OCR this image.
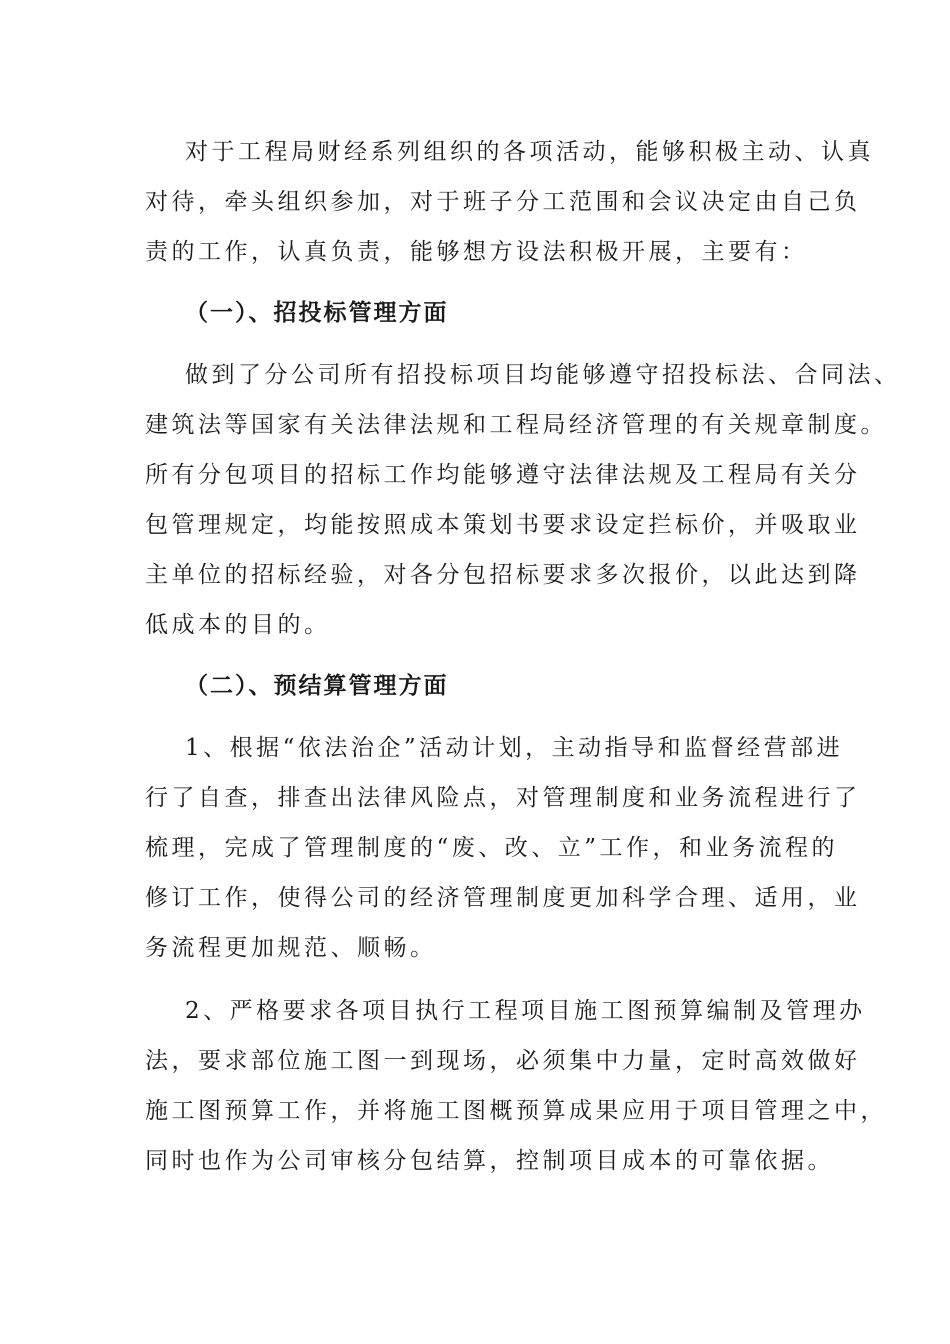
对于工程局财经系列组织的各项活动，能够积极主动、认真
对待，牵头组织参加，对于班子分工范围和会议决定由自己负
责的工作，认真负责，能够想方设法积极开展，主要有：
（一）、招投标管理方面
做到了分公司所有招投标项目均能够遵守招投标法、合同法、
建筑法等国家有关法律法规和工程局经济管理的有关规章制度。
所有分包项目的招标工作均能够遵守法律法规及工程局有关分
包管理规定，均能按照成本策划书要求设定拦标价，并吸取业
主单位的招标经验，对各分包招标要求多次报价，以此达到降
低成本的目的。
（二）、预结算管理方面
1、根据“依法治企”活动计划，主动指导和监督经营部进
行了自查，排查出法律风险点，对管理制度和业务流程进行了
梳理，完成了管理制度的“废、改、立”工作，和业务流程的
修订工作，使得公司的经济管理制度更加科学合理、适用，业
务流程更加规范、顺畅。
2、严格要求各项目执行工程项目施工图预算编制及管理办
法，要求部位施工图一到现场，必须集中力量，定时高效做好
施工图预算工作，并将施工图概预算成果应用于项目管理之中，
同时也作为公司审核分包结算，控制项目成本的可靠依据。
